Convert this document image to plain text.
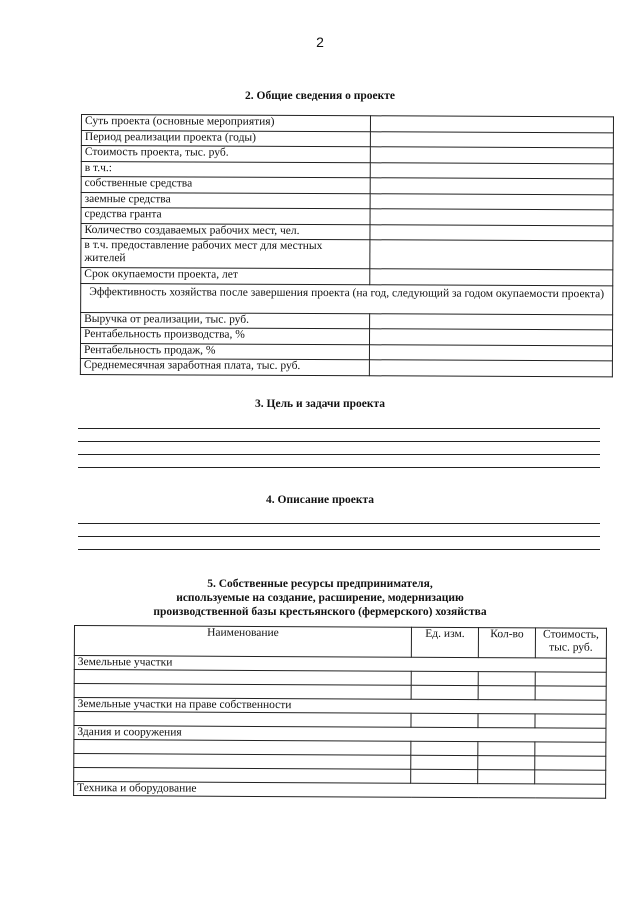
2
2. Общие сведения о проекте
Суть проекта (основные мероприятия)	
Период реализации проекта (годы)	
Стоимость проекта, тыс. руб.	
в т.ч.:	
собственные средства	
заемные средства	
средства гранта	
Количество создаваемых рабочих мест, чел.	
в т.ч. предоставление рабочих мест для местных жителей	
Срок окупаемости проекта, лет	
Эффективность хозяйства после завершения проекта (на год, следующий за годом окупаемости проекта)	
Выручка от реализации, тыс. руб.	
Рентабельность производства, %	
Рентабельность продаж, %	
Среднемесячная заработная плата, тыс. руб.	
3. Цель и задачи проекта
4. Описание проекта
5. Собственные ресурсы предпринимателя,
используемые на создание, расширение, модернизацию
производственной базы крестьянского (фермерского) хозяйства
Наименование	Ед. изм.	Кол-во	Стоимость, тыс. руб.
Земельные участки			

Земельные участки на праве собственности			

Здания и сооружения			

Техника и оборудование			
